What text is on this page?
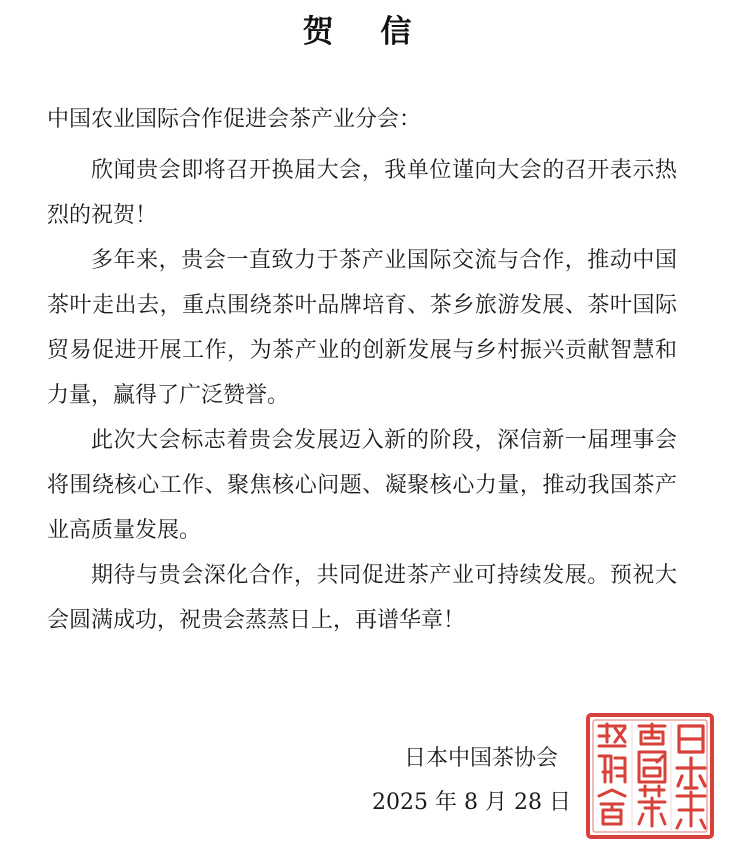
贺 信
中国农业国际合作促进会茶产业分会：

欣闻贵会即将召开换届大会，我单位谨向大会的召开表示热烈的祝贺！

多年来，贵会一直致力于茶产业国际交流与合作，推动中国茶叶走出去，重点围绕茶叶品牌培育、茶乡旅游发展、茶叶国际贸易促进开展工作，为茶产业的创新发展与乡村振兴贡献智慧和力量，赢得了广泛赞誉。

此次大会标志着贵会发展迈入新的阶段，深信新一届理事会将围绕核心工作、聚焦核心问题、凝聚核心力量，推动我国茶产业高质量发展。

期待与贵会深化合作，共同促进茶产业可持续发展。预祝大会圆满成功，祝贵会蒸蒸日上，再谱华章！

日本中国茶协会
2025 年 8 月 28 日
